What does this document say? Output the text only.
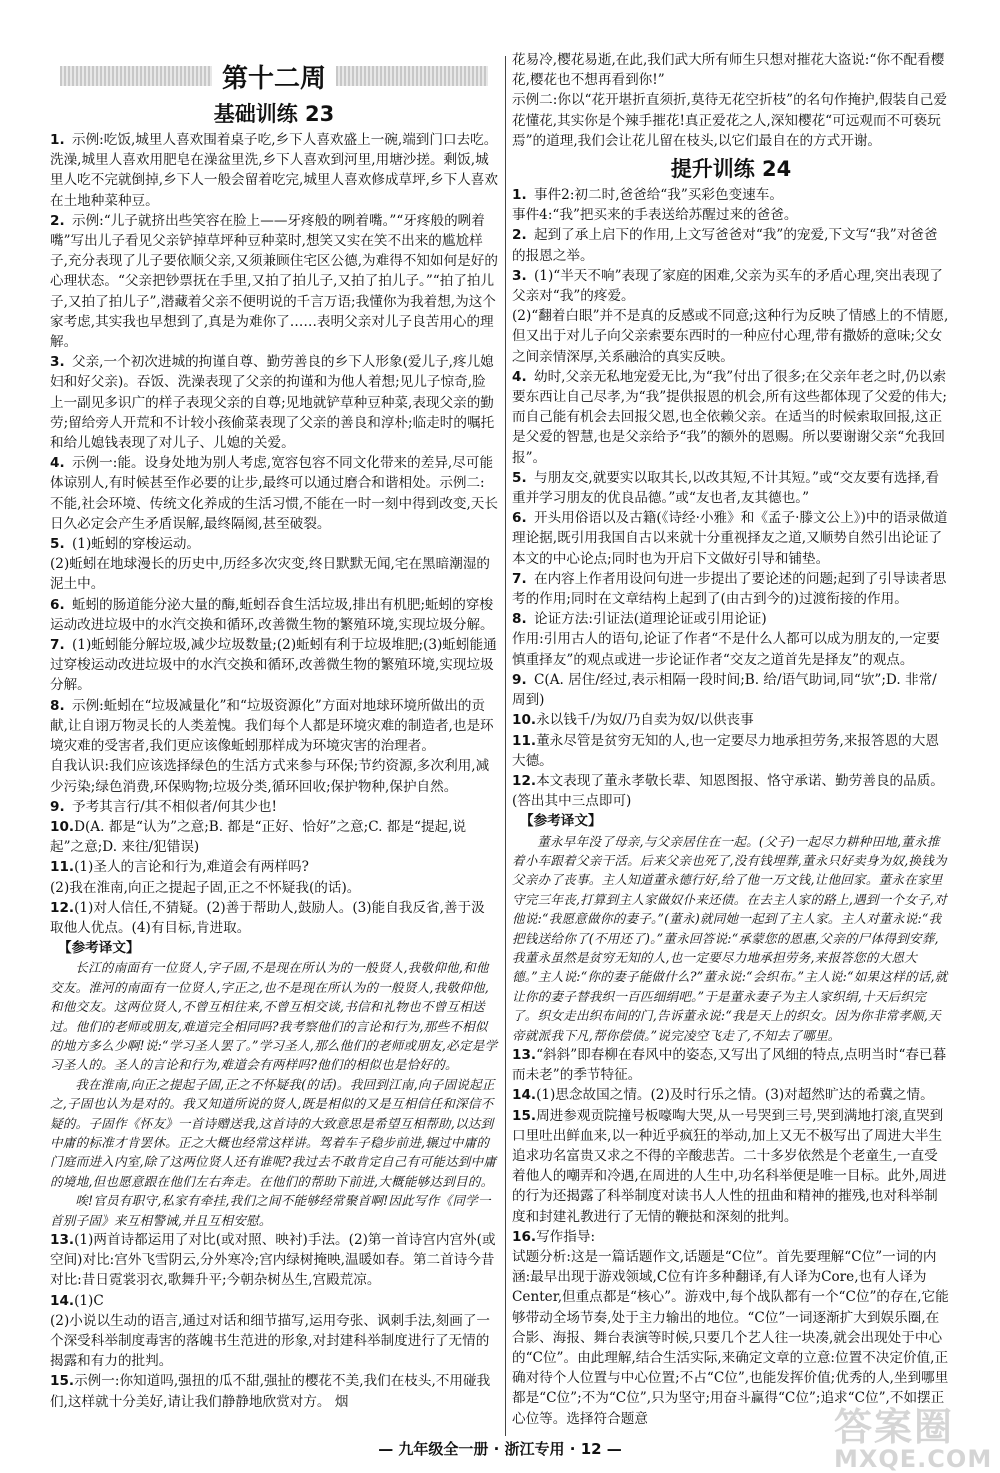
第十二周
基础训练 23

1. 示例:吃饭,城里人喜欢围着桌子吃,乡下人喜欢盛上一碗,端到门口去吃。洗澡,城里人喜欢用肥皂在澡盆里洗,乡下人喜欢到河里,用塘沙搓。剩饭,城里人吃不完就倒掉,乡下人一般会留着吃完,城里人喜欢修成草坪,乡下人喜欢在土地种菜种豆。

2. 示例:“儿子就挤出些笑容在脸上——牙疼般的咧着嘴。”“牙疼般的咧着嘴”写出儿子看见父亲铲掉草坪种豆种菜时,想笑又实在笑不出来的尴尬样子,充分表现了儿子要依顺父亲,又须兼顾住宅区公德,为难得不知如何是好的心理状态。“父亲把钞票抚在手里,又拍了拍儿子,又拍了拍儿子。”“拍了拍儿子,又拍了拍儿子”,潜藏着父亲不便明说的千言万语;我懂你为我着想,为这个家考虑,其实我也早想到了,真是为难你了……表明父亲对儿子良苦用心的理解。

3. 父亲,一个初次进城的拘谨自尊、勤劳善良的乡下人形象(爱儿子,疼儿媳妇和好父亲)。吞饭、洗澡表现了父亲的拘谨和为他人着想;见儿子惊奇,脸上一副见多识广的样子表现父亲的自尊;见地就铲草种豆种菜,表现父亲的勤劳;留给旁人开荒和不计较小孩偷菜表现了父亲的善良和淳朴;临走时的嘱托和给儿媳钱表现了对儿子、儿媳的关爱。

4. 示例一:能。设身处地为别人考虑,宽容包容不同文化带来的差异,尽可能体谅别人,有时候甚至作必要的让步,最终可以通过磨合和谐相处。示例二:不能,社会环境、传统文化养成的生活习惯,不能在一时一刻中得到改变,天长日久必定会产生矛盾误解,最终隔阂,甚至破裂。

5. (1)蚯蚓的穿梭运动。

(2)蚯蚓在地球漫长的历史中,历经多次灾变,终日默默无闻,宅在黑暗潮湿的泥土中。

6. 蚯蚓的肠道能分泌大量的酶,蚯蚓吞食生活垃圾,排出有机肥;蚯蚓的穿梭运动改进垃圾中的水汽交换和循环,改善微生物的繁殖环境,实现垃圾分解。

7. (1)蚯蚓能分解垃圾,减少垃圾数量;(2)蚯蚓有利于垃圾堆肥;(3)蚯蚓能通过穿梭运动改进垃圾中的水汽交换和循环,改善微生物的繁殖环境,实现垃圾分解。

8. 示例:蚯蚓在“垃圾减量化”和“垃圾资源化”方面对地球环境所做出的贡献,让自诩万物灵长的人类羞愧。我们每个人都是环境灾难的制造者,也是环境灾难的受害者,我们更应该像蚯蚓那样成为环境灾害的治理者。

自我认识:我们应该选择绿色的生活方式来参与环保;节约资源,多次利用,减少污染;绿色消费,环保购物;垃圾分类,循环回收;保护物种,保护自然。

9. 予考其言行/其不相似者/何其少也!

10.D(A. 都是“认为”之意;B. 都是“正好、恰好”之意;C. 都是“提起,说起”之意;D. 来往/犯错误)

11.(1)圣人的言论和行为,难道会有两样吗?

(2)我在淮南,向正之提起子固,正之不怀疑我(的话)。

12.(1)对人信任,不猜疑。(2)善于帮助人,鼓励人。(3)能自我反省,善于汲取他人优点。(4)有目标,肯进取。

【参考译文】

长江的南面有一位贤人,字子固,不是现在所认为的一般贤人,我敬仰他,和他交友。淮河的南面有一位贤人,字正之,也不是现在所认为的一般贤人,我敬仰他,和他交友。这两位贤人,不曾互相往来,不曾互相交谈,书信和礼物也不曾互相送过。他们的老师或朋友,难道完全相同吗?我考察他们的言论和行为,那些不相似的地方多么少啊!说:“学习圣人罢了。”学习圣人,那么他们的老师或朋友,必定是学习圣人的。圣人的言论和行为,难道会有两样吗?他们的相似也是恰好的。

我在淮南,向正之提起子固,正之不怀疑我(的话)。我回到江南,向子固说起正之,子固也认为是对的。我又知道所说的贤人,既是相似的又是互相信任和深信不疑的。子固作《怀友》一首诗赠送我,这首诗的大致意思是希望互相帮助,以达到中庸的标准才肯罢休。正之大概也经常这样讲。驾着车子稳步前进,辗过中庸的门庭而进入内室,除了这两位贤人还有谁呢?我过去不敢肯定自己有可能达到中庸的境地,但也愿意跟在他们左右奔走。在他们的帮助下前进,大概能够达到目的。

唉!官员有职守,私家有牵挂,我们之间不能够经常聚首啊!因此写作《同学一首别子固》来互相警诫,并且互相安慰。

13.(1)两首诗都运用了对比(或对照、映衬)手法。(2)第一首诗宫内宫外(或空间)对比:宫外飞雪阴云,分外寒冷;宫内绿树掩映,温暖如春。第二首诗今昔对比:昔日霓裳羽衣,歌舞升平;今朝杂树丛生,宫殿荒凉。

14.(1)C

(2)小说以生动的语言,通过对话和细节描写,运用夸张、讽刺手法,刻画了一个深受科举制度毒害的落魄书生范进的形象,对封建科举制度进行了无情的揭露和有力的批判。

15.示例一:你知道吗,强扭的瓜不甜,强扯的樱花不美,我们在枝头,不用碰我们,这样就十分美好,请让我们静静地欣赏对方。 烟

花易冷,樱花易逝,在此,我们武大所有师生只想对摧花大盗说:“你不配看樱花,樱花也不想再看到你!”

示例二:你以“花开堪折直须折,莫待无花空折枝”的名句作掩护,假装自己爱花懂花,其实你是个辣手摧花!真正爱花之人,深知樱花“可远观而不可亵玩焉”的道理,我们会让花儿留在枝头,以它们最自在的方式开谢。

提升训练 24

1. 事件2:初二时,爸爸给“我”买彩色变速车。

事件4:“我”把买来的手表送给苏醒过来的爸爸。

2. 起到了承上启下的作用,上文写爸爸对“我”的宠爱,下文写“我”对爸爸的报恩之举。

3. (1)“半天不响”表现了家庭的困难,父亲为买车的矛盾心理,突出表现了父亲对“我”的疼爱。

(2)“翻着白眼”并不是真的反感或不同意;这种行为反映了情感上的不情愿,但又出于对儿子向父亲索要东西时的一种应付心理,带有撒娇的意味;父女之间亲情深厚,关系融洽的真实反映。

4. 幼时,父亲无私地宠爱无比,为“我”付出了很多;在父亲年老之时,仍以索要东西让自己尽孝,为“我”提供报恩的机会,所有这些都体现了父爱的伟大;而自己能有机会去回报父恩,也全依赖父亲。在适当的时候索取回报,这正是父爱的智慧,也是父亲给予“我”的额外的恩赐。所以要谢谢父亲“允我回报”。

5. 与朋友交,就要实以取其长,以改其短,不计其短。”或“交友要有选择,看重并学习朋友的优良品德。”或“友也者,友其德也。”

6. 开头用俗语以及古籍(《诗经·小雅》和《孟子·滕文公上》)中的语录做道理论据,既引用我国自古以来就十分重视择友之道,又顺势自然引出论证了本文的中心论点;同时也为开启下文做好引导和铺垫。

7. 在内容上作者用设问句进一步提出了要论述的问题;起到了引导读者思考的作用;同时在文章结构上起到了(由古到今的)过渡衔接的作用。

8. 论证方法:引证法(道理论证或引用论证)

作用:引用古人的语句,论证了作者“不是什么人都可以成为朋友的,一定要慎重择友”的观点或进一步论证作者“交友之道首先是择友”的观点。

9. C(A. 居住/经过,表示相隔一段时间;B. 给/语气助词,同“欤”;D. 非常/周到)

10.永以钱千/为奴/乃自卖为奴/以供丧事

11.董永尽管是贫穷无知的人,也一定要尽力地承担劳务,来报答恩的大恩大德。

12.本文表现了董永孝敬长辈、知恩图报、恪守承诺、勤劳善良的品质。(答出其中三点即可)

【参考译文】

董永早年没了母亲,与父亲居住在一起。(父子)一起尽力耕种田地,董永推着小车跟着父亲干活。后来父亲也死了,没有钱埋葬,董永只好卖身为奴,换钱为父亲办了丧事。主人知道董永德行好,给了他一万文钱,让他回家。董永在家里守完三年丧,打算到主人家做奴仆来还债。在去主人家的路上,遇到一个女子,对他说:“我愿意做你的妻子。”(董永)就同她一起到了主人家。主人对董永说:“我把钱送给你了(不用还了)。”董永回答说:“承蒙您的恩惠,父亲的尸体得到安葬,我董永虽然是贫穷无知的人,也一定要尽力地承担劳务,来报答您的大恩大德。”主人说:“你的妻子能做什么?”董永说:“会织布。”主人说:“如果这样的话,就让你的妻子替我织一百匹细绢吧。”于是董永妻子为主人家织绢,十天后织完了。织女走出织布间的门,告诉董永说:“我是天上的织女。因为你非常孝顺,天帝就派我下凡,帮你偿债。”说完凌空飞走了,不知去了哪里。

13.“斜斜”即春柳在春风中的姿态,又写出了风细的特点,点明当时“春已暮而未老”的季节特征。

14.(1)思念故国之情。(2)及时行乐之情。(3)对超然旷达的希冀之情。

15.周进参观贡院撞号板嚎啕大哭,从一号哭到三号,哭到满地打滚,直哭到口里吐出鲜血来,以一种近乎疯狂的举动,加上又无不极写出了周进大半生追求功名富贵又求之不得的辛酸悲苦。二十多岁依然是个老童生,一直受着他人的嘲弄和冷遇,在周进的人生中,功名科举便是唯一目标。此外,周进的行为还揭露了科举制度对读书人人性的扭曲和精神的摧残,也对科举制度和封建礼教进行了无情的鞭挞和深刻的批判。

16.写作指导:

试题分析:这是一篇话题作文,话题是“C位”。首先要理解“C位”一词的内涵:最早出现于游戏领域,C位有许多种翻译,有人译为Core,也有人译为Center,但重点都是“核心”。游戏中,每个战队都有一个“C位”的存在,它能够带动全场节奏,处于主力输出的地位。“C位”一词逐渐扩大到娱乐圈,在合影、海报、舞台表演等时候,只要几个艺人往一块凑,就会出现处于中心的“C位”。由此理解,结合生活实际,来确定文章的立意:位置不决定价值,正确对待个人位置与中心位置;不占“C位”,也能发挥价值;优秀的人,坐到哪里都是“C位”;不为“C位”,只为坚守;用奋斗赢得“C位”;追求“C位”,不如摆正心位等。选择符合题意

— 九年级全一册 · 浙江专用 · 12 —	答案圈
MXQE.COM
